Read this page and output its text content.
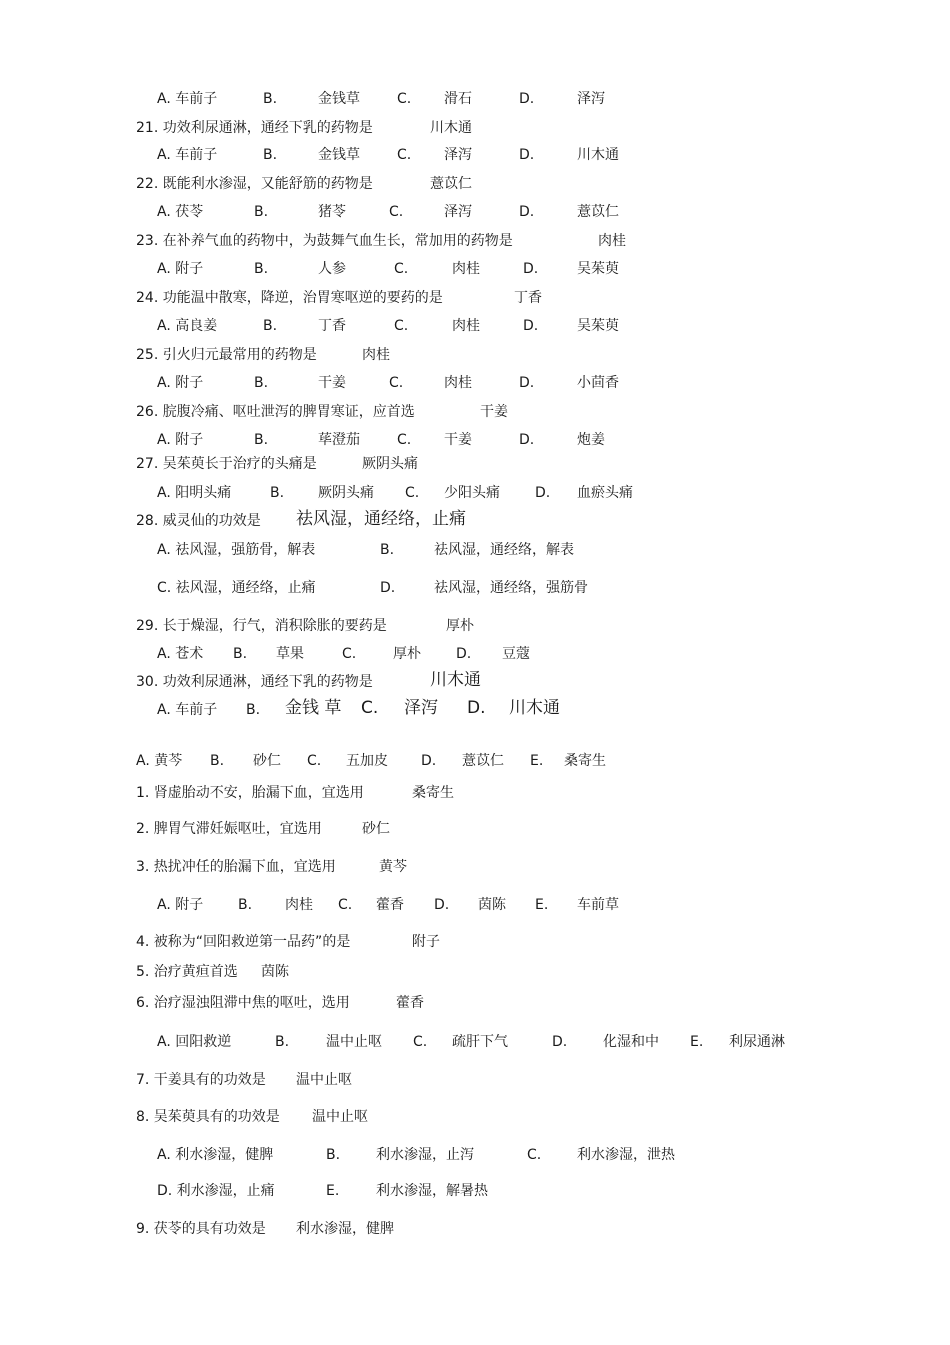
A. 车前子	B.	金钱草	C. 滑石	D.	泽泻
21. 功效利尿通淋，通经下乳的药物是	川木通
A. 车前子	B.	金钱草	C. 泽泻	D.	川木通
22. 既能利水渗湿，又能舒筋的药物是	薏苡仁
A. 茯苓	B.	猪苓	C.	泽泻	D.	薏苡仁
23. 在补养气血的药物中，为鼓舞气血生长，常加用的药物是	肉桂
A. 附子	B.	人参	C.	肉桂	D.	吴茱萸
24. 功能温中散寒，降逆，治胃寒呕逆的要药的是	丁香
A. 高良姜	B.	丁香	C.	肉桂	D.	吴茱萸
25. 引火归元最常用的药物是	肉桂
A. 附子	B.	干姜	C.	肉桂	D.	小茴香
26. 脘腹冷痛、呕吐泄泻的脾胃寒证，应首选	干姜
A. 附子	B.	荜澄茄	C. 干姜	D.	炮姜
27. 吴茱萸长于治疗的头痛是	厥阴头痛
A. 阳明头痛	B. 厥阴头痛 C. 少阳头痛	D. 血瘀头痛
28. 威灵仙的功效是 祛风湿，通经络，止痛
A. 祛风湿，强筋骨，解表	B.	祛风湿，通经络，解表
C. 祛风湿，通经络，止痛	D.	祛风湿，通经络，强筋骨
29. 长于燥湿，行气，消积除胀的要药是	厚朴
A. 苍术 B. 草果	C.	厚朴	D. 豆蔻
30. 功效利尿通淋，通经下乳的药物是	川木通
A. 车前子 B. 金钱 草 C. 泽泻 D. 川木通
A. 黄芩 B. 砂仁 C. 五加皮 D. 薏苡仁 E. 桑寄生
1. 肾虚胎动不安，胎漏下血，宜选用	桑寄生
2. 脾胃气滞妊娠呕吐，宜选用	砂仁
3. 热扰冲任的胎漏下血，宜选用	黄芩
A. 附子 B. 肉桂 C. 藿香 D. 茵陈 E. 车前草
4. 被称为“回阳救逆第一品药”的是	附子
5. 治疗黄疸首选 茵陈
6. 治疗湿浊阻滞中焦的呕吐，选用	藿香
A. 回阳救逆	B.	温中止呕 C. 疏肝下气	D.	化湿和中 E. 利尿通淋
7. 干姜具有的功效是 温中止呕
8. 吴茱萸具有的功效是 温中止呕
A. 利水渗湿，健脾	B.	利水渗湿，止泻	C.	利水渗湿，泄热
D. 利水渗湿，止痛	E.	利水渗湿，解暑热
9. 茯苓的具有功效是 利水渗湿，健脾
